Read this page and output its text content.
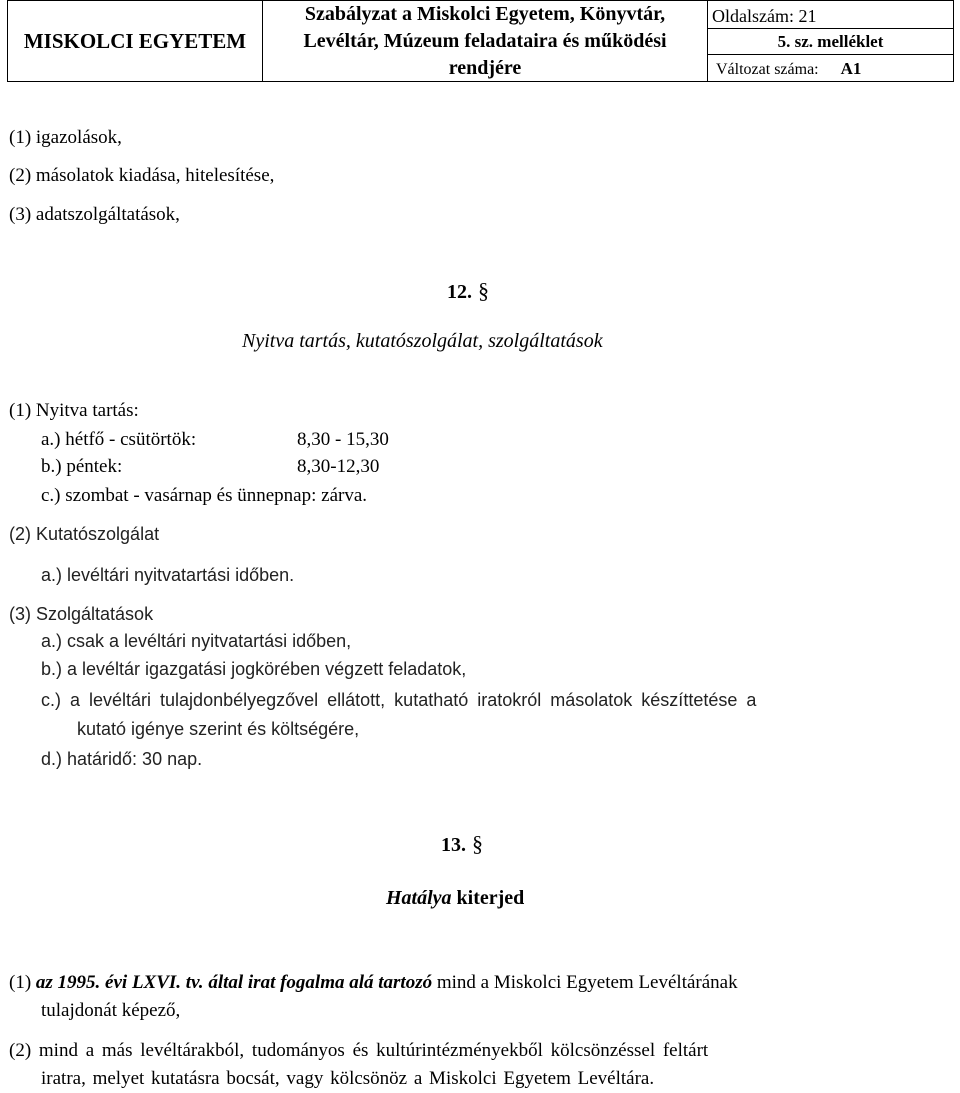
MISKOLCI EGYETEM
Szabályzat a Miskolci Egyetem, Könyvtár,
Levéltár, Múzeum feladataira és működési
rendjére
Oldalszám: 21
5. sz. melléklet
Változat száma: A1
(1) igazolások,
(2) másolatok kiadása, hitelesítése,
(3) adatszolgáltatások,
12. §
Nyitva tartás, kutatószolgálat, szolgáltatások
(1) Nyitva tartás:
a.) hétfő - csütörtök:	8,30 - 15,30
b.) péntek:	8,30-12,30
c.) szombat - vasárnap és ünnepnap: zárva.
(2) Kutatószolgálat
a.) levéltári nyitvatartási időben.
(3) Szolgáltatások
a.) csak a levéltári nyitvatartási időben,
b.) a levéltár igazgatási jogkörében végzett feladatok,
c.) a levéltári tulajdonbélyegzővel ellátott, kutatható iratokról másolatok készíttetése a
kutató igénye szerint és költségére,
d.) határidő: 30 nap.
13. §
Hatálya kiterjed
(1) az 1995. évi LXVI. tv. által irat fogalma alá tartozó mind a Miskolci Egyetem Levéltárának
tulajdonát képező,
(2) mind a más levéltárakból, tudományos és kultúrintézményekből kölcsönzéssel feltárt
iratra, melyet kutatásra bocsát, vagy kölcsönöz a Miskolci Egyetem Levéltára.
